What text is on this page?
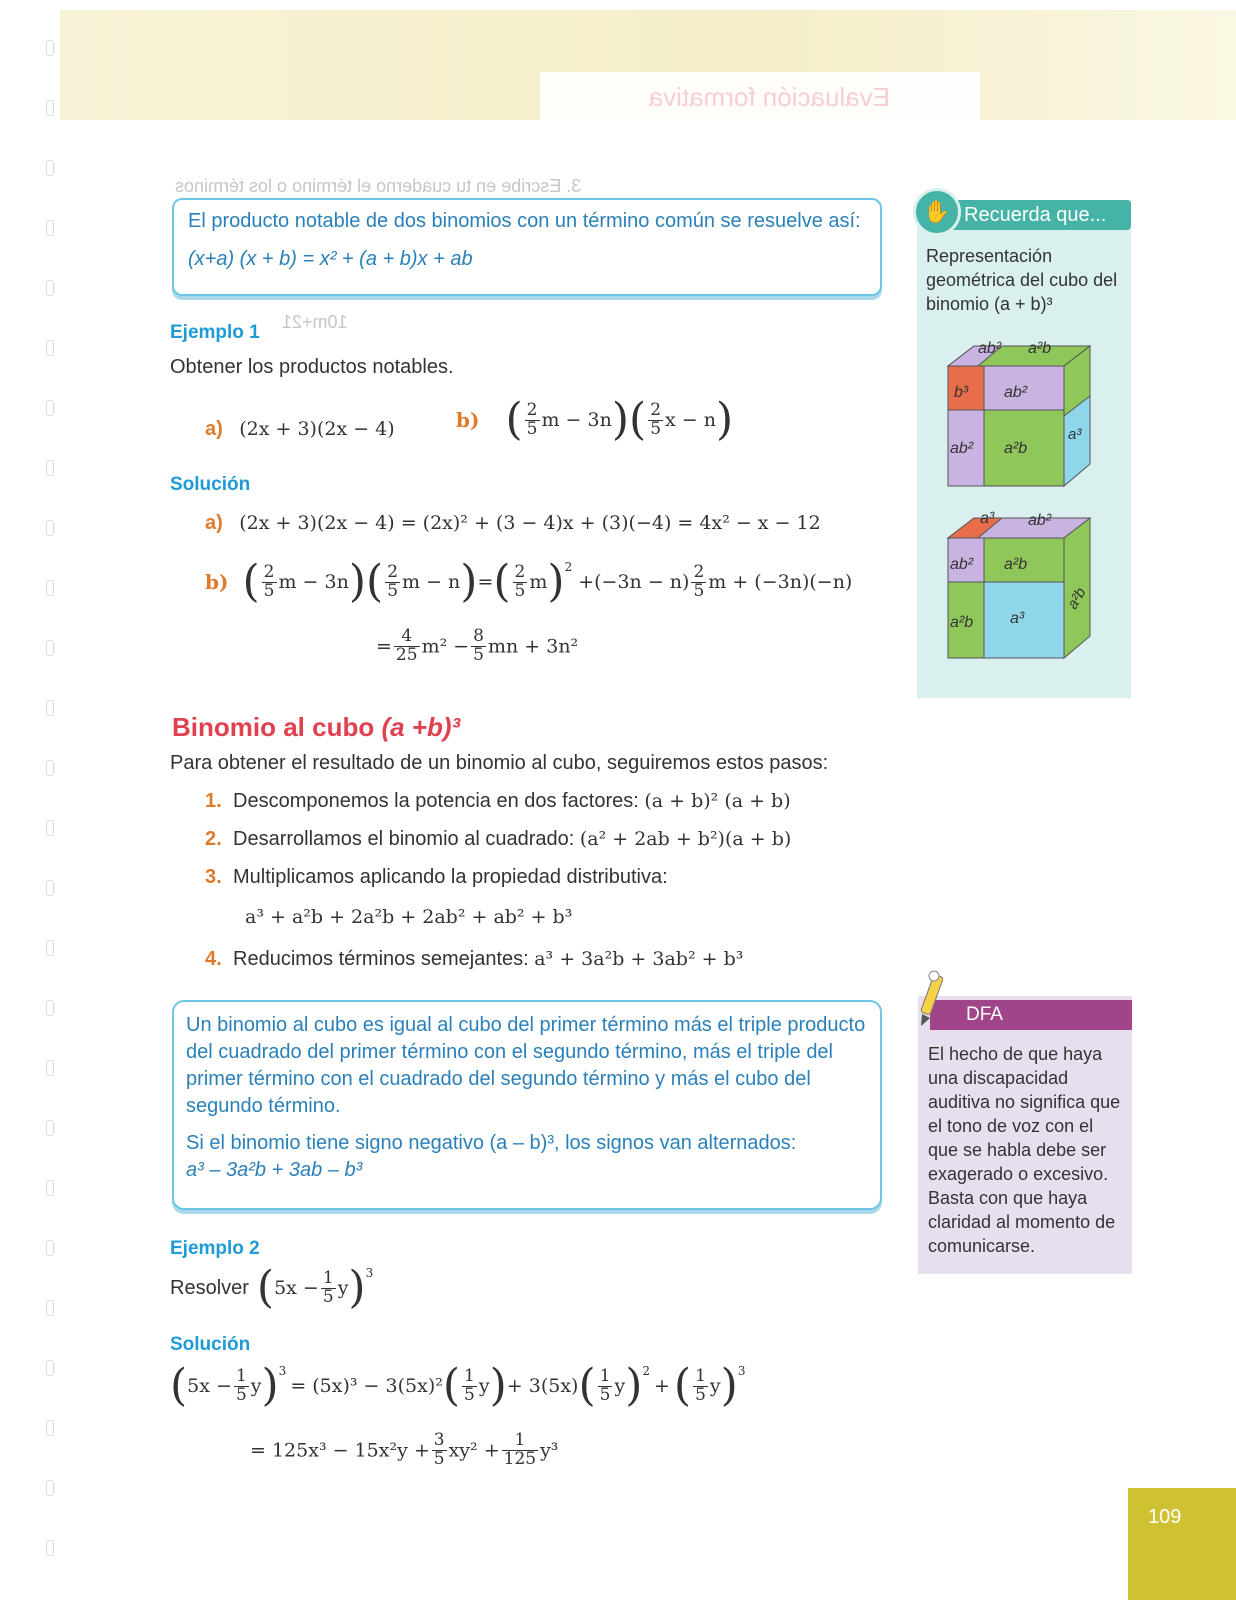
Evaluación formativa
3. Escribe en tu cuaderno el término o los términos
10m+21
El producto notable de dos binomios con un término común se resuelve así:
(x+a) (x + b) = x² + (a + b)x + ab
Ejemplo 1
Obtener los productos notables.
a) (2x + 3)(2x − 4)	b) ( $\frac{2}{5}$ $m - 3n)( \frac{2}{5}$ x − n)
Solución
a) (2x + 3)(2x − 4) = (2x)² + (3 − 4)x + (3)(−4) = 4x² − x − 12
b) ( $\frac{2}{5}$ $m - 3n)( \frac{2}{5}$ $m - n)=( \frac{2}{5} m)^2+(-3n - n) \frac{2}{5}$ m + (−3n)(−n)
= $\frac{4}{25} m^2 - \frac{8}{5}$ mn + 3n²
Binomio al cubo (a +b)³
Para obtener el resultado de un binomio al cubo, seguiremos estos pasos:
1. Descomponemos la potencia en dos factores: (a + b)² (a + b)
2. Desarrollamos el binomio al cuadrado: (a² + 2ab + b²)(a + b)
3. Multiplicamos aplicando la propiedad distributiva:
a³ + a²b + 2a²b + 2ab² + ab² + b³
4. Reducimos términos semejantes: a³ + 3a²b + 3ab² + b³

Un binomio al cubo es igual al cubo del primer término más el triple producto del cuadrado del primer término con el segundo término, más el triple del primer término con el cuadrado del segundo término y más el cubo del segundo término.

Si el binomio tiene signo negativo (a – b)³, los signos van alternados:

a³ – 3a²b + 3ab – b³

Ejemplo 2
Resolver $(5x - \frac{1}{5} y)^3$
Solución
$(5x - \frac{1}{5} y)^3= (5x)^3 - 3(5x)^2( \frac{1}{5} y)+ 3(5x)( \frac{1}{5} y)^2+( \frac{1}{5} y)^3$
= $125x^3 - 15x^2y + \frac{3}{5} xy^2 + \frac{1}{125} y^3$
Recuerda que...
✋
Representación geométrica del cubo del binomio (a + b)³
ab² a²b
b³ ab²
ab² a²b
a³
a³ ab²
ab² a²b
a²b a³
a²b
DFA
El hecho de que haya una discapacidad auditiva no significa que el tono de voz con el que se habla debe ser exagerado o excesivo. Basta con que haya claridad al momento de comunicarse.
109
